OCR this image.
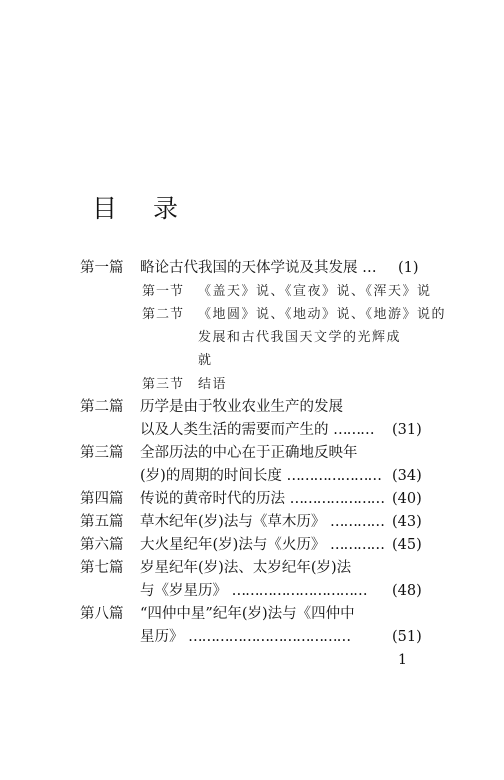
目 录
第一篇	略论古代我国的天体学说及其发展 … (1)
第一节 《盖天》说、《宣夜》说、《浑天》说
第二节 《地圆》说、《地动》说、《地游》说的
发展和古代我国天文学的光辉成
就
第三节 结语
第二篇	历学是由于牧业农业生产的发展
以及人类生活的需要而产生的 ……… (31)
第三篇	全部历法的中心在于正确地反映年
(岁)的周期的时间长度 ………………… (34)
第四篇	传说的黄帝时代的历法 ………………… (40)
第五篇	草木纪年(岁)法与《草木历》 ………… (43)
第六篇	大火星纪年(岁)法与《火历》 ………… (45)
第七篇	岁星纪年(岁)法、太岁纪年(岁)法
与《岁星历》 ………………………… (48)
第八篇	“四仲中星”纪年(岁)法与《四仲中
星历》 ………………………………	(51)
1
